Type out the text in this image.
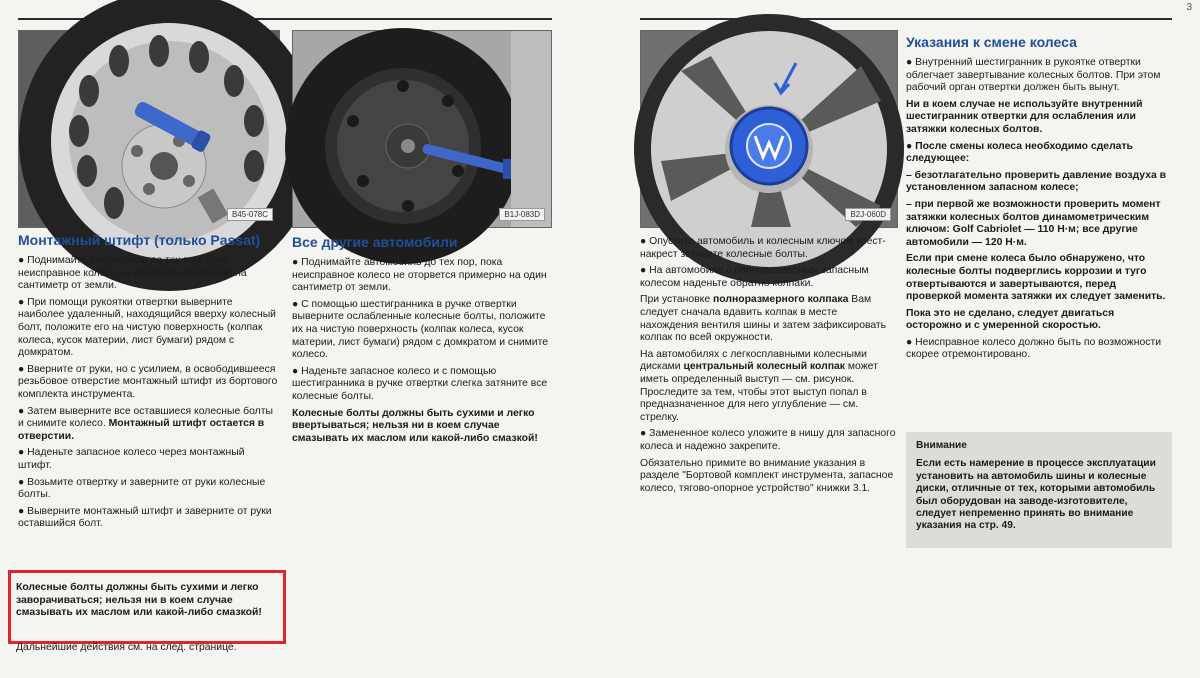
3
B45-078C	B1J-083D	B2J-060D
Монтажный штифт (только Passat)

● Поднимайте автомобиль до тех пор, пока неисправное колесо не оторвется примерно на сантиметр от земли.

● При помощи рукоятки отвертки выверните наиболее удаленный, находящийся вверху колесный болт, положите его на чистую поверхность (колпак колеса, кусок материи, лист бумаги) рядом с домкратом.

● Вверните от руки, но с усилием, в освободившееся резьбовое отверстие монтажный штифт из бортового комплекта инструмента.

● Затем выверните все оставшиеся колесные болты и снимите колесо. Монтажный штифт остается в отверстии.

● Наденьте запасное колесо через монтажный штифт.

● Возьмите отвертку и заверните от руки колесные болты.

● Выверните монтажный штифт и заверните от руки оставшийся болт.

Колесные болты должны быть сухими и легко заворачиваться; нельзя ни в коем случае смазывать их маслом или какой-либо смазкой!
Дальнейшие действия см. на след. странице.
Все другие автомобили

● Поднимайте автомобиль до тех пор, пока неисправное колесо не оторвется примерно на один сантиметр от земли.

● С помощью шестигранника в ручке отвертки выверните ослабленные колесные болты, положите их на чистую поверхность (колпак колеса, кусок материи, лист бумаги) рядом с домкратом и снимите колесо.

● Наденьте запасное колесо и с помощью шестигранника в ручке отвертки слегка затяните все колесные болты.

Колесные болты должны быть сухими и легко ввертываться; нельзя ни в коем случае смазывать их маслом или какой-либо смазкой!

● Опустите автомобиль и колесным ключом крест-накрест затяните колесные болты.

● На автомобиле с полноразмерным запасным колесом наденьте обратно колпаки.

При установке полноразмерного колпака Вам следует сначала вдавить колпак в месте нахождения вентиля шины и затем зафиксировать колпак по всей окружности.

На автомобилях с легкосплавными колесными дисками центральный колесный колпак может иметь определенный выступ — см. рисунок. Проследите за тем, чтобы этот выступ попал в предназначенное для него углубление — см. стрелку.

● Замененное колесо уложите в нишу для запасного колеса и надежно закрепите.

Обязательно примите во внимание указания в разделе "Бортовой комплект инструмента, запасное колесо, тягово-опорное устройство" книжки 3.1.

Указания к смене колеса

● Внутренний шестигранник в рукоятке отвертки облегчает завертывание колесных болтов. При этом рабочий орган отвертки должен быть вынут.

Ни в коем случае не используйте внутренний шестигранник отвертки для ослабления или затяжки колесных болтов.

● После смены колеса необходимо сделать следующее:

– безотлагательно проверить давление воздуха в установленном запасном колесе;

– при первой же возможности проверить момент затяжки колесных болтов динамометрическим ключом: Golf Cabriolet — 110 Н·м; все другие автомобили — 120 Н·м.

Если при смене колеса было обнаружено, что колесные болты подверглись коррозии и туго отвертываются и завертываются, перед проверкой момента затяжки их следует заменить.

Пока это не сделано, следует двигаться осторожно и с умеренной скоростью.

● Неисправное колесо должно быть по возможности скорее отремонтировано.

Внимание
Если есть намерение в процессе эксплуатации установить на автомобиль шины и колесные диски, отличные от тех, которыми автомобиль был оборудован на заводе-изготовителе, следует непременно принять во внимание указания на стр. 49.
